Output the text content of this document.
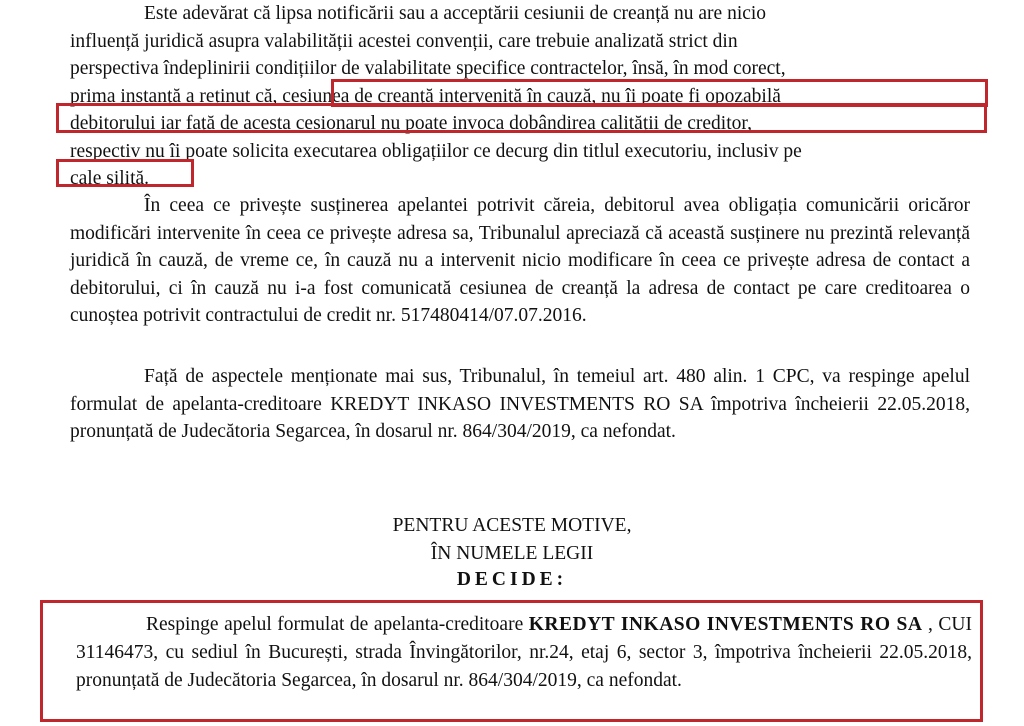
Este adevărat că lipsa notificării sau a acceptării cesiunii de creanță nu are nicio
influență juridică asupra valabilității acestei convenții, care trebuie analizată strict din
perspectiva îndeplinirii condițiilor de valabilitate specifice contractelor, însă, în mod corect,
prima instanță a reținut că, cesiunea de creanță intervenită în cauză, nu îi poate fi opozabilă
debitorului iar față de acesta cesionarul nu poate invoca dobândirea calității de creditor,
respectiv nu îi poate solicita executarea obligațiilor ce decurg din titlul executoriu, inclusiv pe
cale silită.

În ceea ce privește susținerea apelantei potrivit căreia, debitorul avea obligația comunicării oricăror modificări intervenite în ceea ce privește adresa sa, Tribunalul apreciază că această susținere nu prezintă relevanță juridică în cauză, de vreme ce, în cauză nu a intervenit nicio modificare în ceea ce privește adresa de contact a debitorului, ci în cauză nu i-a fost comunicată cesiunea de creanță la adresa de contact pe care creditoarea o cunoștea potrivit contractului de credit nr. 517480414/07.07.2016.

Față de aspectele menționate mai sus, Tribunalul, în temeiul art. 480 alin. 1 CPC, va respinge apelul formulat de apelanta-creditoare KREDYT INKASO INVESTMENTS RO SA împotriva încheierii 22.05.2018, pronunțată de Judecătoria Segarcea, în dosarul nr. 864/304/2019, ca nefondat.

PENTRU ACESTE MOTIVE,
ÎN NUMELE LEGII
DECIDE:

Respinge apelul formulat de apelanta-creditoare KREDYT INKASO INVESTMENTS RO SA , CUI 31146473, cu sediul în București, strada Învingătorilor, nr.24, etaj 6, sector 3, împotriva încheierii 22.05.2018, pronunțată de Judecătoria Segarcea, în dosarul nr. 864/304/2019, ca nefondat.
